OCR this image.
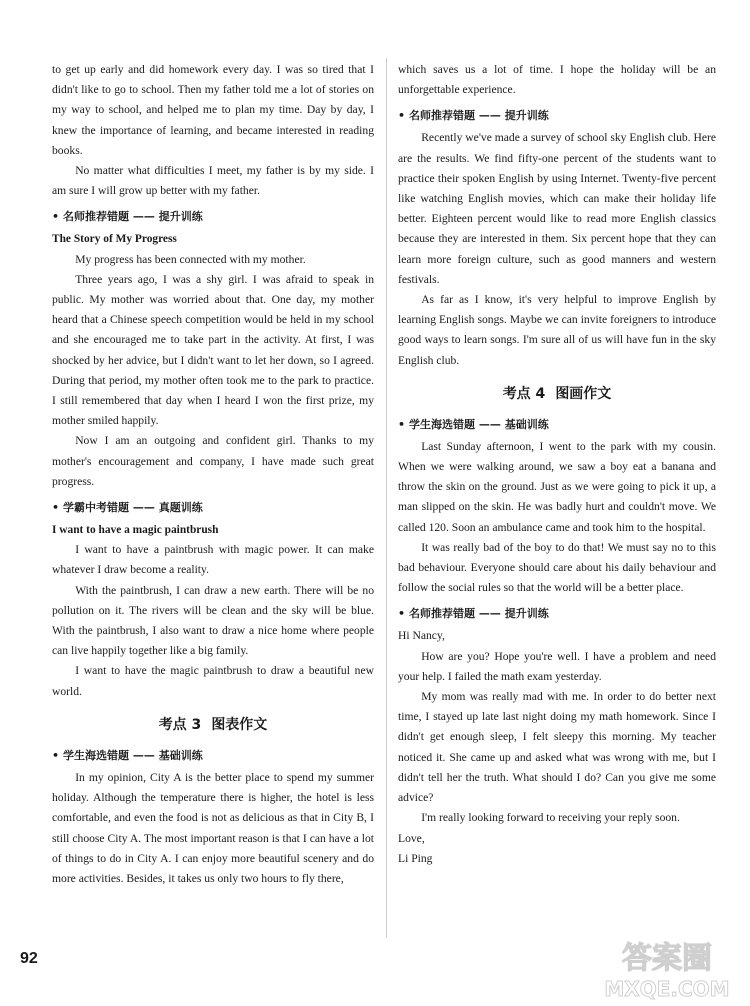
to get up early and did homework every day. I was so tired that I didn't like to go to school. Then my father told me a lot of stories on my way to school, and helped me to plan my time. Day by day, I knew the importance of learning, and became interested in reading books.

No matter what difficulties I meet, my father is by my side. I am sure I will grow up better with my father.

• 名师推荐错题 —— 提升训练

The Story of My Progress

My progress has been connected with my mother.

Three years ago, I was a shy girl. I was afraid to speak in public. My mother was worried about that. One day, my mother heard that a Chinese speech competition would be held in my school and she encouraged me to take part in the activity. At first, I was shocked by her advice, but I didn't want to let her down, so I agreed. During that period, my mother often took me to the park to practice. I still remembered that day when I heard I won the first prize, my mother smiled happily.

Now I am an outgoing and confident girl. Thanks to my mother's encouragement and company, I have made such great progress.

• 学霸中考错题 —— 真题训练

I want to have a magic paintbrush

I want to have a paintbrush with magic power. It can make whatever I draw become a reality.

With the paintbrush, I can draw a new earth. There will be no pollution on it. The rivers will be clean and the sky will be blue. With the paintbrush, I also want to draw a nice home where people can live happily together like a big family.

I want to have the magic paintbrush to draw a beautiful new world.

考点 3 图表作文
• 学生海选错题 —— 基础训练

In my opinion, City A is the better place to spend my summer holiday. Although the temperature there is higher, the hotel is less comfortable, and even the food is not as delicious as that in City B, I still choose City A. The most important reason is that I can have a lot of things to do in City A. I can enjoy more beautiful scenery and do more activities. Besides, it takes us only two hours to fly there,

which saves us a lot of time. I hope the holiday will be an unforgettable experience.

• 名师推荐错题 —— 提升训练

Recently we've made a survey of school sky English club. Here are the results. We find fifty-one percent of the students want to practice their spoken English by using Internet. Twenty-five percent like watching English movies, which can make their holiday life better. Eighteen percent would like to read more English classics because they are interested in them. Six percent hope that they can learn more foreign culture, such as good manners and western festivals.

As far as I know, it's very helpful to improve English by learning English songs. Maybe we can invite foreigners to introduce good ways to learn songs. I'm sure all of us will have fun in the sky English club.

考点 4 图画作文
• 学生海选错题 —— 基础训练

Last Sunday afternoon, I went to the park with my cousin. When we were walking around, we saw a boy eat a banana and throw the skin on the ground. Just as we were going to pick it up, a man slipped on the skin. He was badly hurt and couldn't move. We called 120. Soon an ambulance came and took him to the hospital.

It was really bad of the boy to do that! We must say no to this bad behaviour. Everyone should care about his daily behaviour and follow the social rules so that the world will be a better place.

• 名师推荐错题 —— 提升训练

Hi Nancy,

How are you? Hope you're well. I have a problem and need your help. I failed the math exam yesterday.

My mom was really mad with me. In order to do better next time, I stayed up late last night doing my math homework. Since I didn't get enough sleep, I felt sleepy this morning. My teacher noticed it. She came up and asked what was wrong with me, but I didn't tell her the truth. What should I do? Can you give me some advice?

I'm really looking forward to receiving your reply soon.

Love,

Li Ping

92	答案圈
MXQE.COM
